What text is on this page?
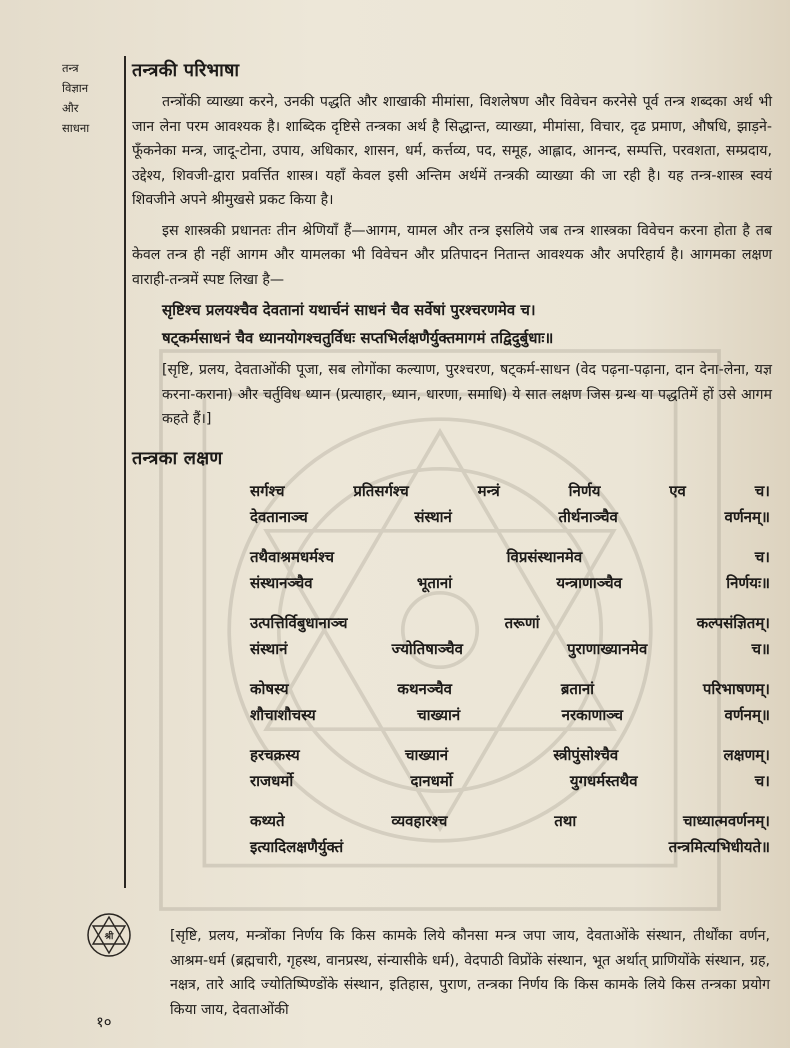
तन्त्र
विज्ञान
और
साधना
तन्त्रकी परिभाषा

तन्त्रोंकी व्याख्या करने, उनकी पद्धति और शाखाकी मीमांसा, विशलेषण और विवेचन करनेसे पूर्व तन्त्र शब्दका अर्थ भी जान लेना परम आवश्यक है। शाब्दिक दृष्टिसे तन्त्रका अर्थ है सिद्धान्त, व्याख्या, मीमांसा, विचार, दृढ प्रमाण, औषधि, झाड़ने-फूँकनेका मन्त्र, जादू-टोना, उपाय, अधिकार, शासन, धर्म, कर्त्तव्य, पद, समूह, आह्लाद, आनन्द, सम्पत्ति, परवशता, सम्प्रदाय, उद्देश्य, शिवजी-द्वारा प्रवर्त्तित शास्त्र। यहाँ केवल इसी अन्तिम अर्थमें तन्त्रकी व्याख्या की जा रही है। यह तन्त्र-शास्त्र स्वयं शिवजीने अपने श्रीमुखसे प्रकट किया है।

इस शास्त्रकी प्रधानतः तीन श्रेणियाँ हैं—आगम, यामल और तन्त्र इसलिये जब तन्त्र शास्त्रका विवेचन करना होता है तब केवल तन्त्र ही नहीं आगम और यामलका भी विवेचन और प्रतिपादन नितान्त आवश्यक और अपरिहार्य है। आगमका लक्षण वाराही-तन्त्रमें स्पष्ट लिखा है—

सृष्टिश्च प्रलयश्चैव देवतानां यथार्चनं साधनं चैव सर्वेषां पुरश्चरणमेव च।
षट्कर्मसाधनं चैव ध्यानयोगश्चतुर्विधः सप्तभिर्लक्षणैर्युक्तमागमं तद्विदुर्बुधाः॥

[सृष्टि, प्रलय, देवताओंकी पूजा, सब लोगोंका कल्याण, पुरश्चरण, षट्कर्म-साधन (वेद पढ़ना-पढ़ाना, दान देना-लेना, यज्ञ करना-कराना) और चर्तुविध ध्यान (प्रत्याहार, ध्यान, धारणा, समाधि) ये सात लक्षण जिस ग्रन्थ या पद्धतिमें हों उसे आगम कहते हैं।]

तन्त्रका लक्षण
सर्गश्च	प्रतिसर्गश्च	मन्त्रं	निर्णय	एव	च।
देवतानाञ्च	संस्थानं	तीर्थनाञ्चैव	वर्णनम्॥
तथैवाश्रमधर्मश्च	विप्रसंस्थानमेव	च।
संस्थानञ्चैव	भूतानां	यन्त्राणाञ्चैव	निर्णयः॥
उत्पत्तिर्विबुधानाञ्च	तरूणां	कल्पसंज्ञितम्।
संस्थानं	ज्योतिषाञ्चैव	पुराणाख्यानमेव	च॥
कोषस्य	कथनञ्चैव	ब्रतानां	परिभाषणम्।
शौचाशौचस्य	चाख्यानं	नरकाणाञ्च	वर्णनम्॥
हरचक्रस्य	चाख्यानं	स्त्रीपुंसोश्चैव	लक्षणम्।
राजधर्मो	दानधर्मो	युगधर्मस्तथैव	च।
कथ्यते	व्यवहारश्च	तथा	चाध्यात्मवर्णनम्।
इत्यादिलक्षणैर्युक्तं	तन्त्रमित्यभिधीयते॥
श्री	[सृष्टि, प्रलय, मन्त्रोंका निर्णय कि किस कामके लिये कौनसा मन्त्र जपा जाय, देवताओंके संस्थान, तीर्थोंका वर्णन, आश्रम-धर्म (ब्रह्मचारी, गृहस्थ, वानप्रस्थ, संन्यासीके धर्म), वेदपाठी विप्रोंके संस्थान, भूत अर्थात् प्राणियोंके संस्थान, ग्रह, नक्षत्र, तारे आदि ज्योतिष्पिण्डोंके संस्थान, इतिहास, पुराण, तन्त्रका निर्णय कि किस कामके लिये किस तन्त्रका प्रयोग किया जाय, देवताओंकी

१०
